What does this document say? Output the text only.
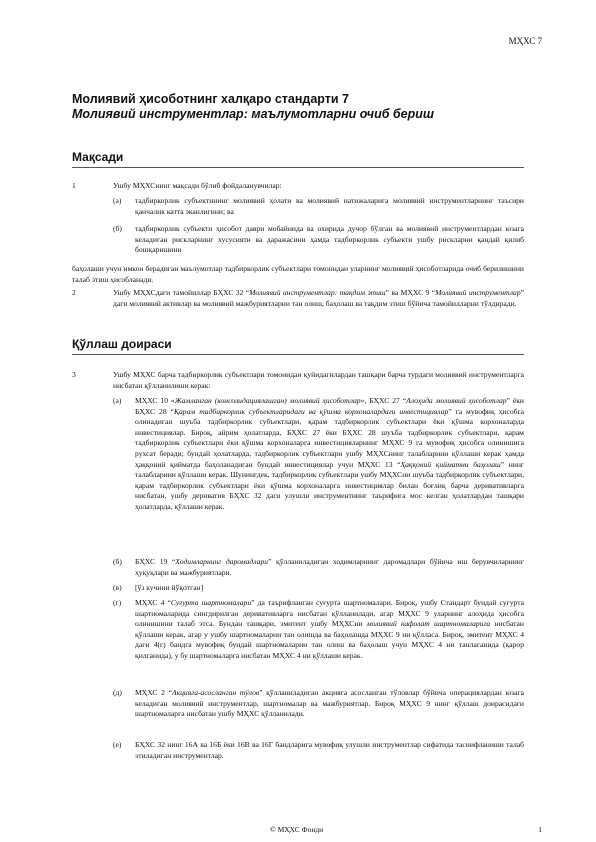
МҲХС 7
Молиявий ҳисоботнинг халқаро стандарти 7
Молиявий инструментлар: маълумотларни очиб бериш
Мақсади
1	Ушбу МҲХСнинг мақсади бўлиб фойдаланувчилар:
(а) тадбиркорлик субъектининг молиявий ҳолати ва молиявий натижаларига молиявий инструментларнинг таъсири қанчалик катта эканлигини; ва
(б) тадбиркорлик субъекти ҳисобот даври мобайнида ва охирида дучор бўлган ва молиявий инструментлардан юзага келадиган рискларнинг хусусияти ва даражасини ҳамда тадбиркорлик субъекти ушбу рискларни қандай қилиб бошқаришини
баҳолаши учун имкон берадиган маълумотлар тадбиркорлик субъектлари томонидан уларнинг молиявий ҳисоботларида очиб берилишини талаб этиш ҳисобланади.
2	Ушбу МҲХСдаги тамойиллар БҲХС 32 “Молиявий инструментлар: тақдим этиш” ва МҲХС 9 “Молиявий инструментлар” даги молиявий активлар ва молиявий мажбуриятларни тан олиш, баҳолаш ва тақдим этиш бўйича тамойилларни тўлдиради.
Қўллаш доираси
3	Ушбу МҲХС барча тадбиркорлик субъектлари томонидан қуйидагилардан ташқари барча турдаги молиявий инструментларга нисбатан қўлланилиши керак:
(а) МҲХС 10 «Жамланган (консолидациялашган) молиявий ҳисоботлар», БҲХС 27 “Алоҳида молиявий ҳисоботлар” ёки БҲХС 28 “Қарам тадбиркорлик субъектларидаги ва қўшма корхоналардаги инвестициялар” га мувофиқ ҳисобга олинадиган шуъба тадбиркорлик субъектлари, қарам тадбиркорлик субъектлари ёки қўшма корхоналарда инвестициялар. Бироқ, айрим ҳолатларда, БҲХС 27 ёки БҲХС 28 шуъба тадбиркорлик субъектлари, қарам тадбиркорлик субъектлари ёки қўшма корхоналарга инвестицияларнинг МҲХС 9 га мувофиқ ҳисобга олинишига рухсат беради; бундай ҳолатларда, тадбиркорлик субъектлари ушбу МҲХСнинг талабларини қўллаши керак ҳамда ҳаққоний қийматда баҳоланадиган бундай инвестициялар учун МҲХС 13 “Ҳаққоний қийматни баҳолаш” нинг талабларини қўллаши керак. Шунингдек, тадбиркорлик субъектлари ушбу МҲХСни шуъба тадбиркорлик субъектлари, қарам тадбиркорлик субъектлари ёки қўшма корхоналарга инвестициялар билан боғлиқ барча деривативларга нисбатан, ушбу дериватив БҲХС 32 даги улушли инструментнинг таърифига мос келган ҳолатлардан ташқари ҳолатларда, қўллаши керак.
(б) БҲХС 19 “Ходимларнинг даромадлари” қўлланиладиган ходимларнинг даромадлари бўйича иш берувчиларнинг ҳуқуқлари ва мажбуриятлари.
(в) [ўз кучини йўқотган]
(г) МҲХС 4 “Суғурта шартномалари” да таърифланган суғурта шартномалари. Бироқ, ушбу Стандарт бундай суғурта шартномаларида сингдирилган деривативларга нисбатан қўлланилади, агар МҲХС 9 уларнинг алоҳида ҳисобга олинишини талаб этса. Бундан ташқари, эмитент ушбу МҲХСни молиявий кафолат шартномаларига нисбатан қўллаши керак, агар у ушбу шартномаларни тан олишда ва баҳолашда МҲХС 9 ни қўлласа. Бироқ, эмитент МҲХС 4 даги 4(г) бандга мувофиқ бундай шартномаларни тан олиш ва баҳолаш учун МҲХС 4 ни танлаганида (қарор қилганида), у бу шартномаларга нисбатан МҲХС 4 ни қўллаши керак.
(д) МҲХС 2 “Акцияга-асосланган тўлов” қўлланиладиган акцияга асосланган тўловлар бўйича операциялардан юзага келадиган молиявий инструментлар, шартномалар ва мажбуриятлар. Бироқ МҲХС 9 нинг қўллаш доирасидаги шартномаларга нисбатан ушбу МҲХС қўлланилади.
(е) БҲХС 32 нинг 16А ва 16Б ёки 16В ва 16Г бандларига мувофиқ улушли инструментлар сифатида таснифланиши талаб этиладиган инструментлар.
© МҲХС Фонди	1
